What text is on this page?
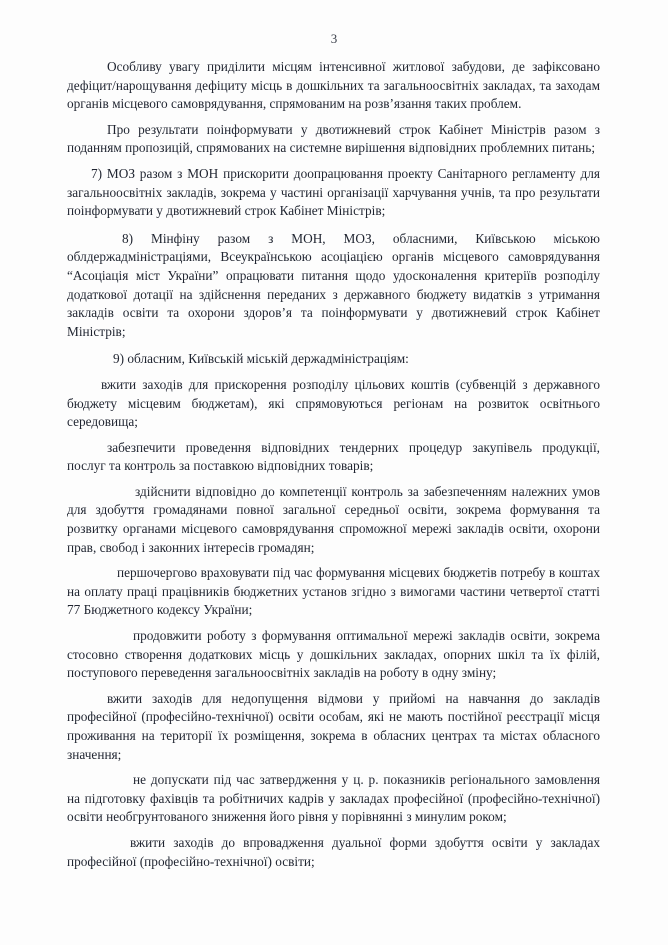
3

Особливу увагу приділити місцям інтенсивної житлової забудови, де зафіксовано дефіцит/нарощування дефіциту місць в дошкільних та загальноосвітніх закладах, та заходам органів місцевого самоврядування, спрямованим на розв’язання таких проблем.

Про результати поінформувати у двотижневий строк Кабінет Міністрів разом з поданням пропозицій, спрямованих на системне вирішення відповідних проблемних питань;

7) МОЗ разом з МОН прискорити доопрацювання проекту Санітарного регламенту для загальноосвітніх закладів, зокрема у частині організації харчування учнів, та про результати поінформувати у двотижневий строк Кабінет Міністрів;

8) Мінфіну разом з МОН, МОЗ, обласними, Київською міською облдержадміністраціями, Всеукраїнською асоціацією органів місцевого самоврядування “Асоціація міст України” опрацювати питання щодо удосконалення критеріїв розподілу додаткової дотації на здійснення переданих з державного бюджету видатків з утримання закладів освіти та охорони здоров’я та поінформувати у двотижневий строк Кабінет Міністрів;

9) обласним, Київській міській держадміністраціям:

вжити заходів для прискорення розподілу цільових коштів (субвенцій з державного бюджету місцевим бюджетам), які спрямовуються регіонам на розвиток освітнього середовища;

забезпечити проведення відповідних тендерних процедур закупівель продукції, послуг та контроль за поставкою відповідних товарів;

здійснити відповідно до компетенції контроль за забезпеченням належних умов для здобуття громадянами повної загальної середньої освіти, зокрема формування та розвитку органами місцевого самоврядування спроможної мережі закладів освіти, охорони прав, свобод і законних інтересів громадян;

першочергово враховувати під час формування місцевих бюджетів потребу в коштах на оплату праці працівників бюджетних установ згідно з вимогами частини четвертої статті 77 Бюджетного кодексу України;

продовжити роботу з формування оптимальної мережі закладів освіти, зокрема стосовно створення додаткових місць у дошкільних закладах, опорних шкіл та їх філій, поступового переведення загальноосвітніх закладів на роботу в одну зміну;

вжити заходів для недопущення відмови у прийомі на навчання до закладів професійної (професійно-технічної) освіти особам, які не мають постійної реєстрації місця проживання на території їх розміщення, зокрема в обласних центрах та містах обласного значення;

не допускати під час затвердження у ц. р. показників регіонального замовлення на підготовку фахівців та робітничих кадрів у закладах професійної (професійно-технічної) освіти необгрунтованого зниження його рівня у порівнянні з минулим роком;

вжити заходів до впровадження дуальної форми здобуття освіти у закладах професійної (професійно-технічної) освіти;
